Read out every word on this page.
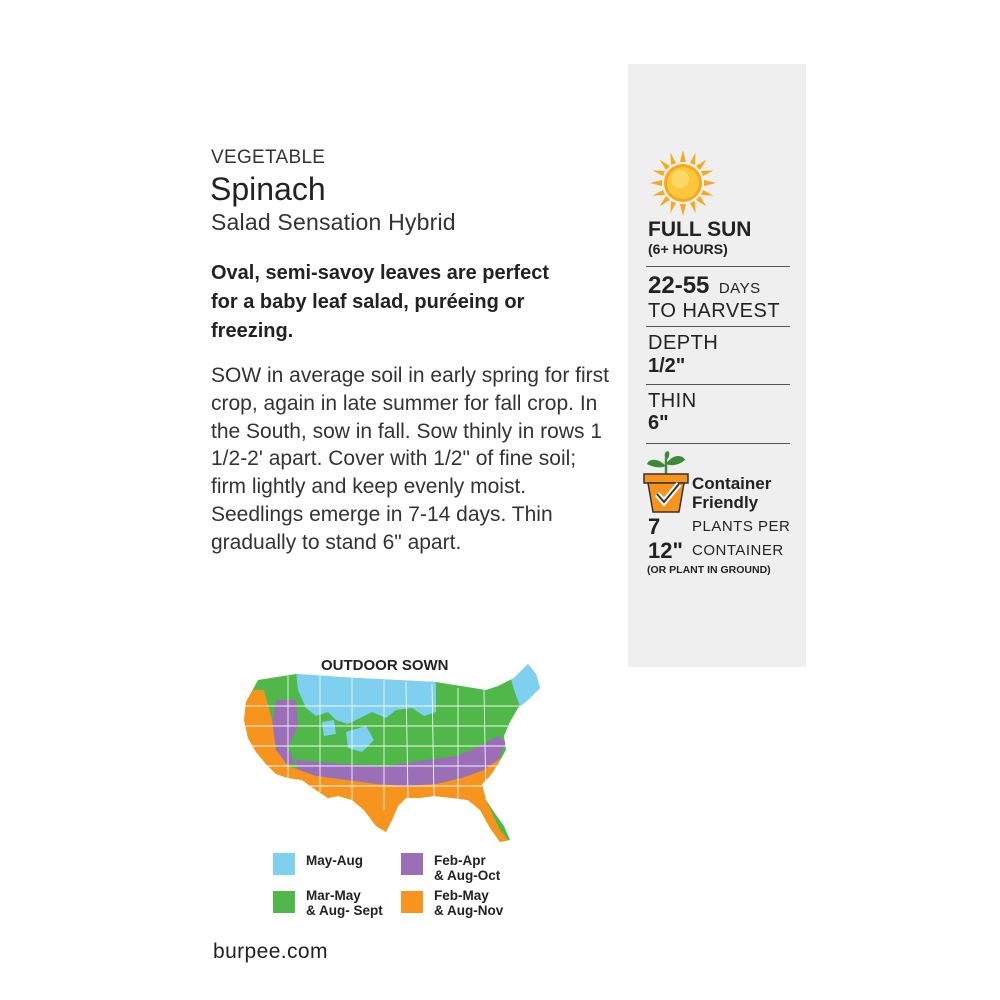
VEGETABLE
Spinach
Salad Sensation Hybrid
Oval, semi-savoy leaves are perfect for a baby leaf salad, puréeing or freezing.
SOW in average soil in early spring for first crop, again in late summer for fall crop. In the South, sow in fall. Sow thinly in rows 1 1/2-2' apart. Cover with 1/2" of fine soil; firm lightly and keep evenly moist. Seedlings emerge in 7-14 days. Thin gradually to stand 6" apart.
FULL SUN
(6+ HOURS)
22-55 DAYS
TO HARVEST
DEPTH
1/2"
THIN
6"
Container
Friendly
7	PLANTS PER
12" CONTAINER
(OR PLANT IN GROUND)
OUTDOOR SOWN
May-Aug	Feb-Apr
& Aug-Oct
Mar-May
& Aug- Sept
Feb-May
& Aug-Nov
burpee.com
